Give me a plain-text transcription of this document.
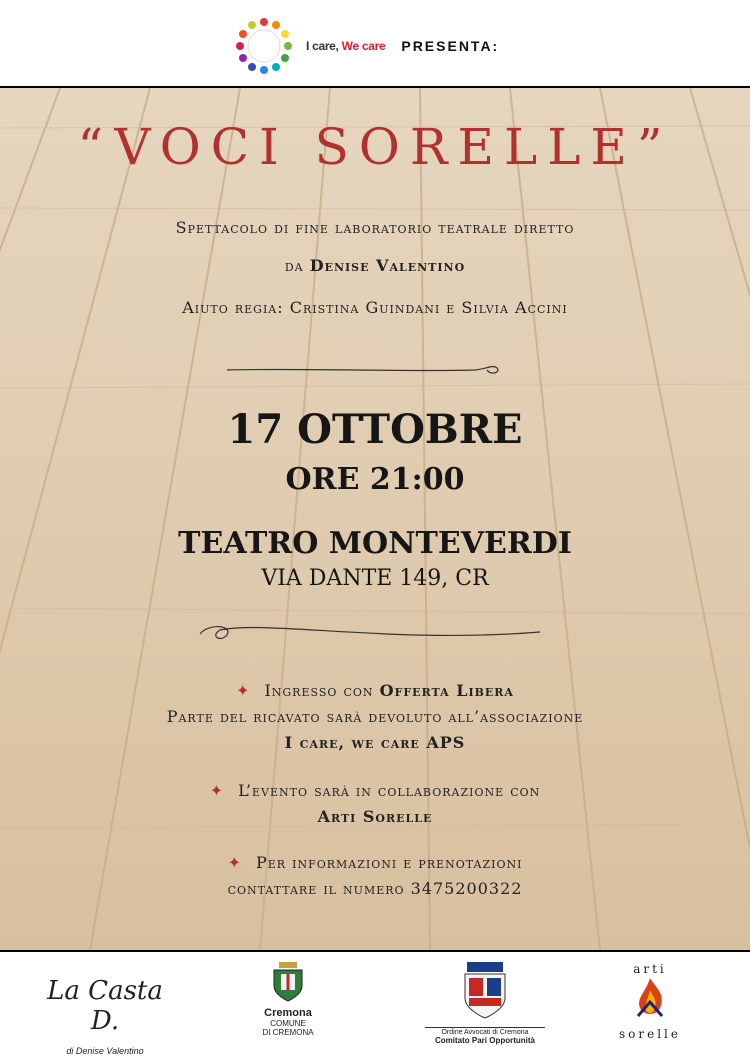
I care, We care PRESENTA:
“VOCI SORELLE”
Spettacolo di fine laboratorio teatrale diretto
da Denise Valentino
Aiuto regia: Cristina Guindani e Silvia Accini
17 OTTOBRE
ORE 21:00
TEATRO MONTEVERDI
VIA DANTE 149, CR
✦ Ingresso con Offerta Libera
Parte del ricavato sarà devoluto all’associazione
I care, we care APS
✦ L’evento sarà in collaborazione con
Arti Sorelle
✦ Per informazioni e prenotazioni
contattare il numero 3475200322
La Casta D.
di Denise Valentino
Cremona
COMUNE
DI CREMONA	Ordine Avvocati di Cremona
Comitato Pari Opportunità
arti
sorelle
